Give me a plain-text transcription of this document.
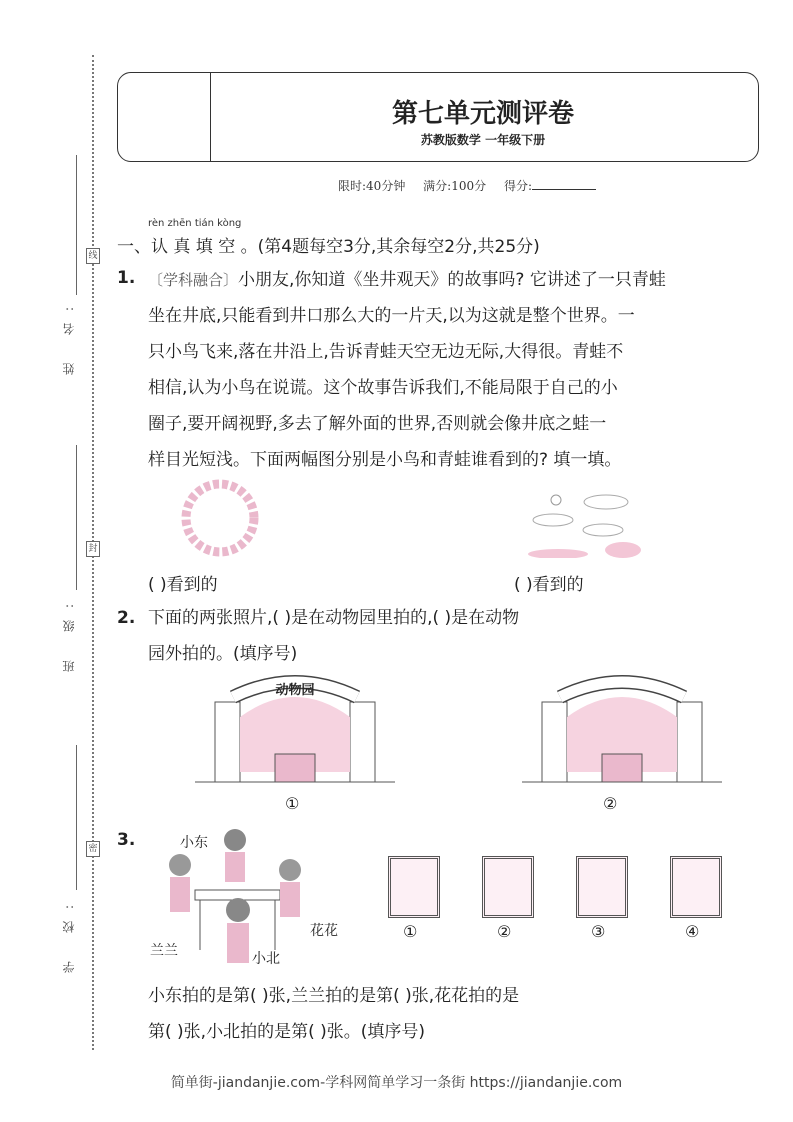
姓 名:
班 级:
学 校:
线
封
密
第七单元测评卷
苏教版数学 一年级下册
限时:40分钟 满分:100分 得分:
rèn zhēn tián kòng
一、认 真 填 空 。(第4题每空3分,其余每空2分,共25分)
1. 〔学科融合〕小朋友,你知道《坐井观天》的故事吗? 它讲述了一只青蛙
坐在井底,只能看到井口那么大的一片天,以为这就是整个世界。一
只小鸟飞来,落在井沿上,告诉青蛙天空无边无际,大得很。青蛙不
相信,认为小鸟在说谎。这个故事告诉我们,不能局限于自己的小
圈子,要开阔视野,多去了解外面的世界,否则就会像井底之蛙一
样目光短浅。下面两幅图分别是小鸟和青蛙谁看到的? 填一填。
( )看到的	( )看到的
2. 下面的两张照片,( )是在动物园里拍的,( )是在动物
园外拍的。(填序号)
动物园
①	②
3.	小东
兰兰
花花
小北
①	②	③	④
小东拍的是第( )张,兰兰拍的是第( )张,花花拍的是
第( )张,小北拍的是第( )张。(填序号)
简单街-jiandanjie.com-学科网简单学习一条街 https://jiandanjie.com
